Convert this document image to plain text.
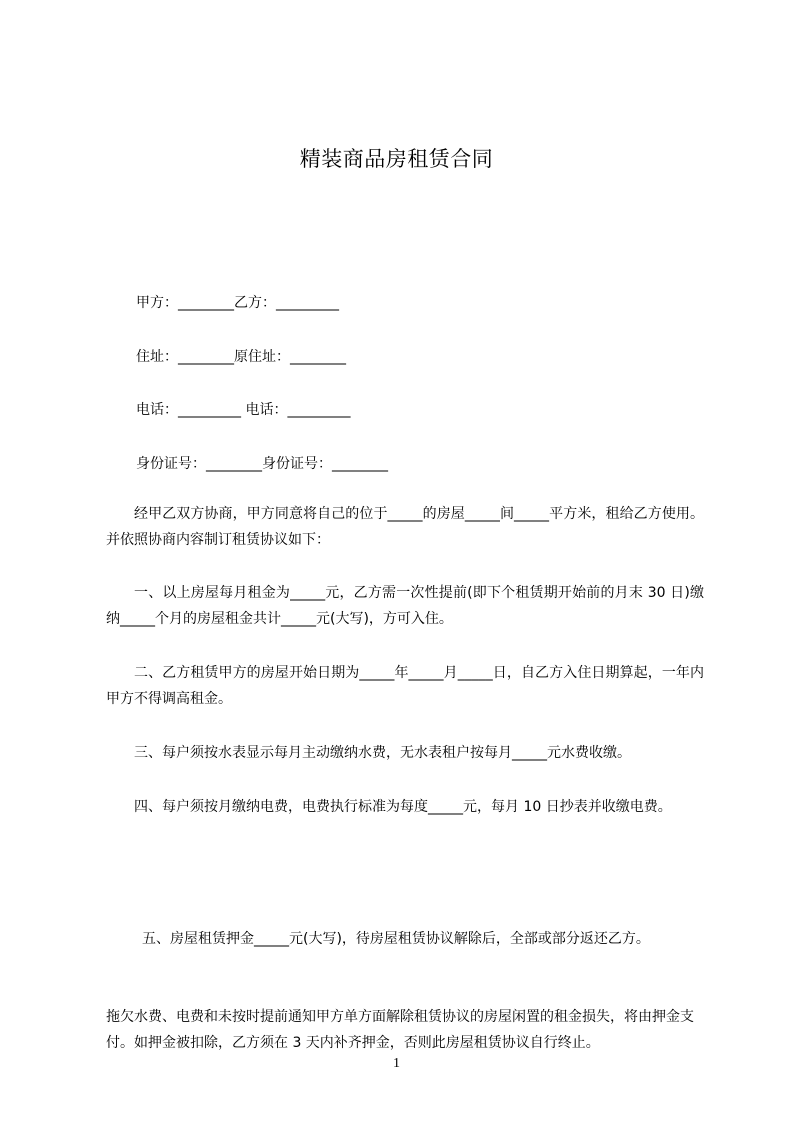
精装商品房租赁合同
甲方：________乙方：_________
住址：________原住址：________
电话：_________ 电话：_________
身份证号：________身份证号：________
经甲乙双方协商，甲方同意将自己的位于_____的房屋_____间_____平方米，租给乙方使用。并依照协商内容制订租赁协议如下：
一、以上房屋每月租金为_____元，乙方需一次性提前(即下个租赁期开始前的月末 30 日)缴纳_____个月的房屋租金共计_____元(大写)，方可入住。
二、乙方租赁甲方的房屋开始日期为_____年_____月_____日，自乙方入住日期算起，一年内甲方不得调高租金。
三、每户须按水表显示每月主动缴纳水费，无水表租户按每月_____元水费收缴。
四、每户须按月缴纳电费，电费执行标准为每度_____元，每月 10 日抄表并收缴电费。

五、房屋租赁押金_____元(大写)，待房屋租赁协议解除后，全部或部分返还乙方。

拖欠水费、电费和未按时提前通知甲方单方面解除租赁协议的房屋闲置的租金损失，将由押金支付。如押金被扣除，乙方须在 3 天内补齐押金，否则此房屋租赁协议自行终止。

1
